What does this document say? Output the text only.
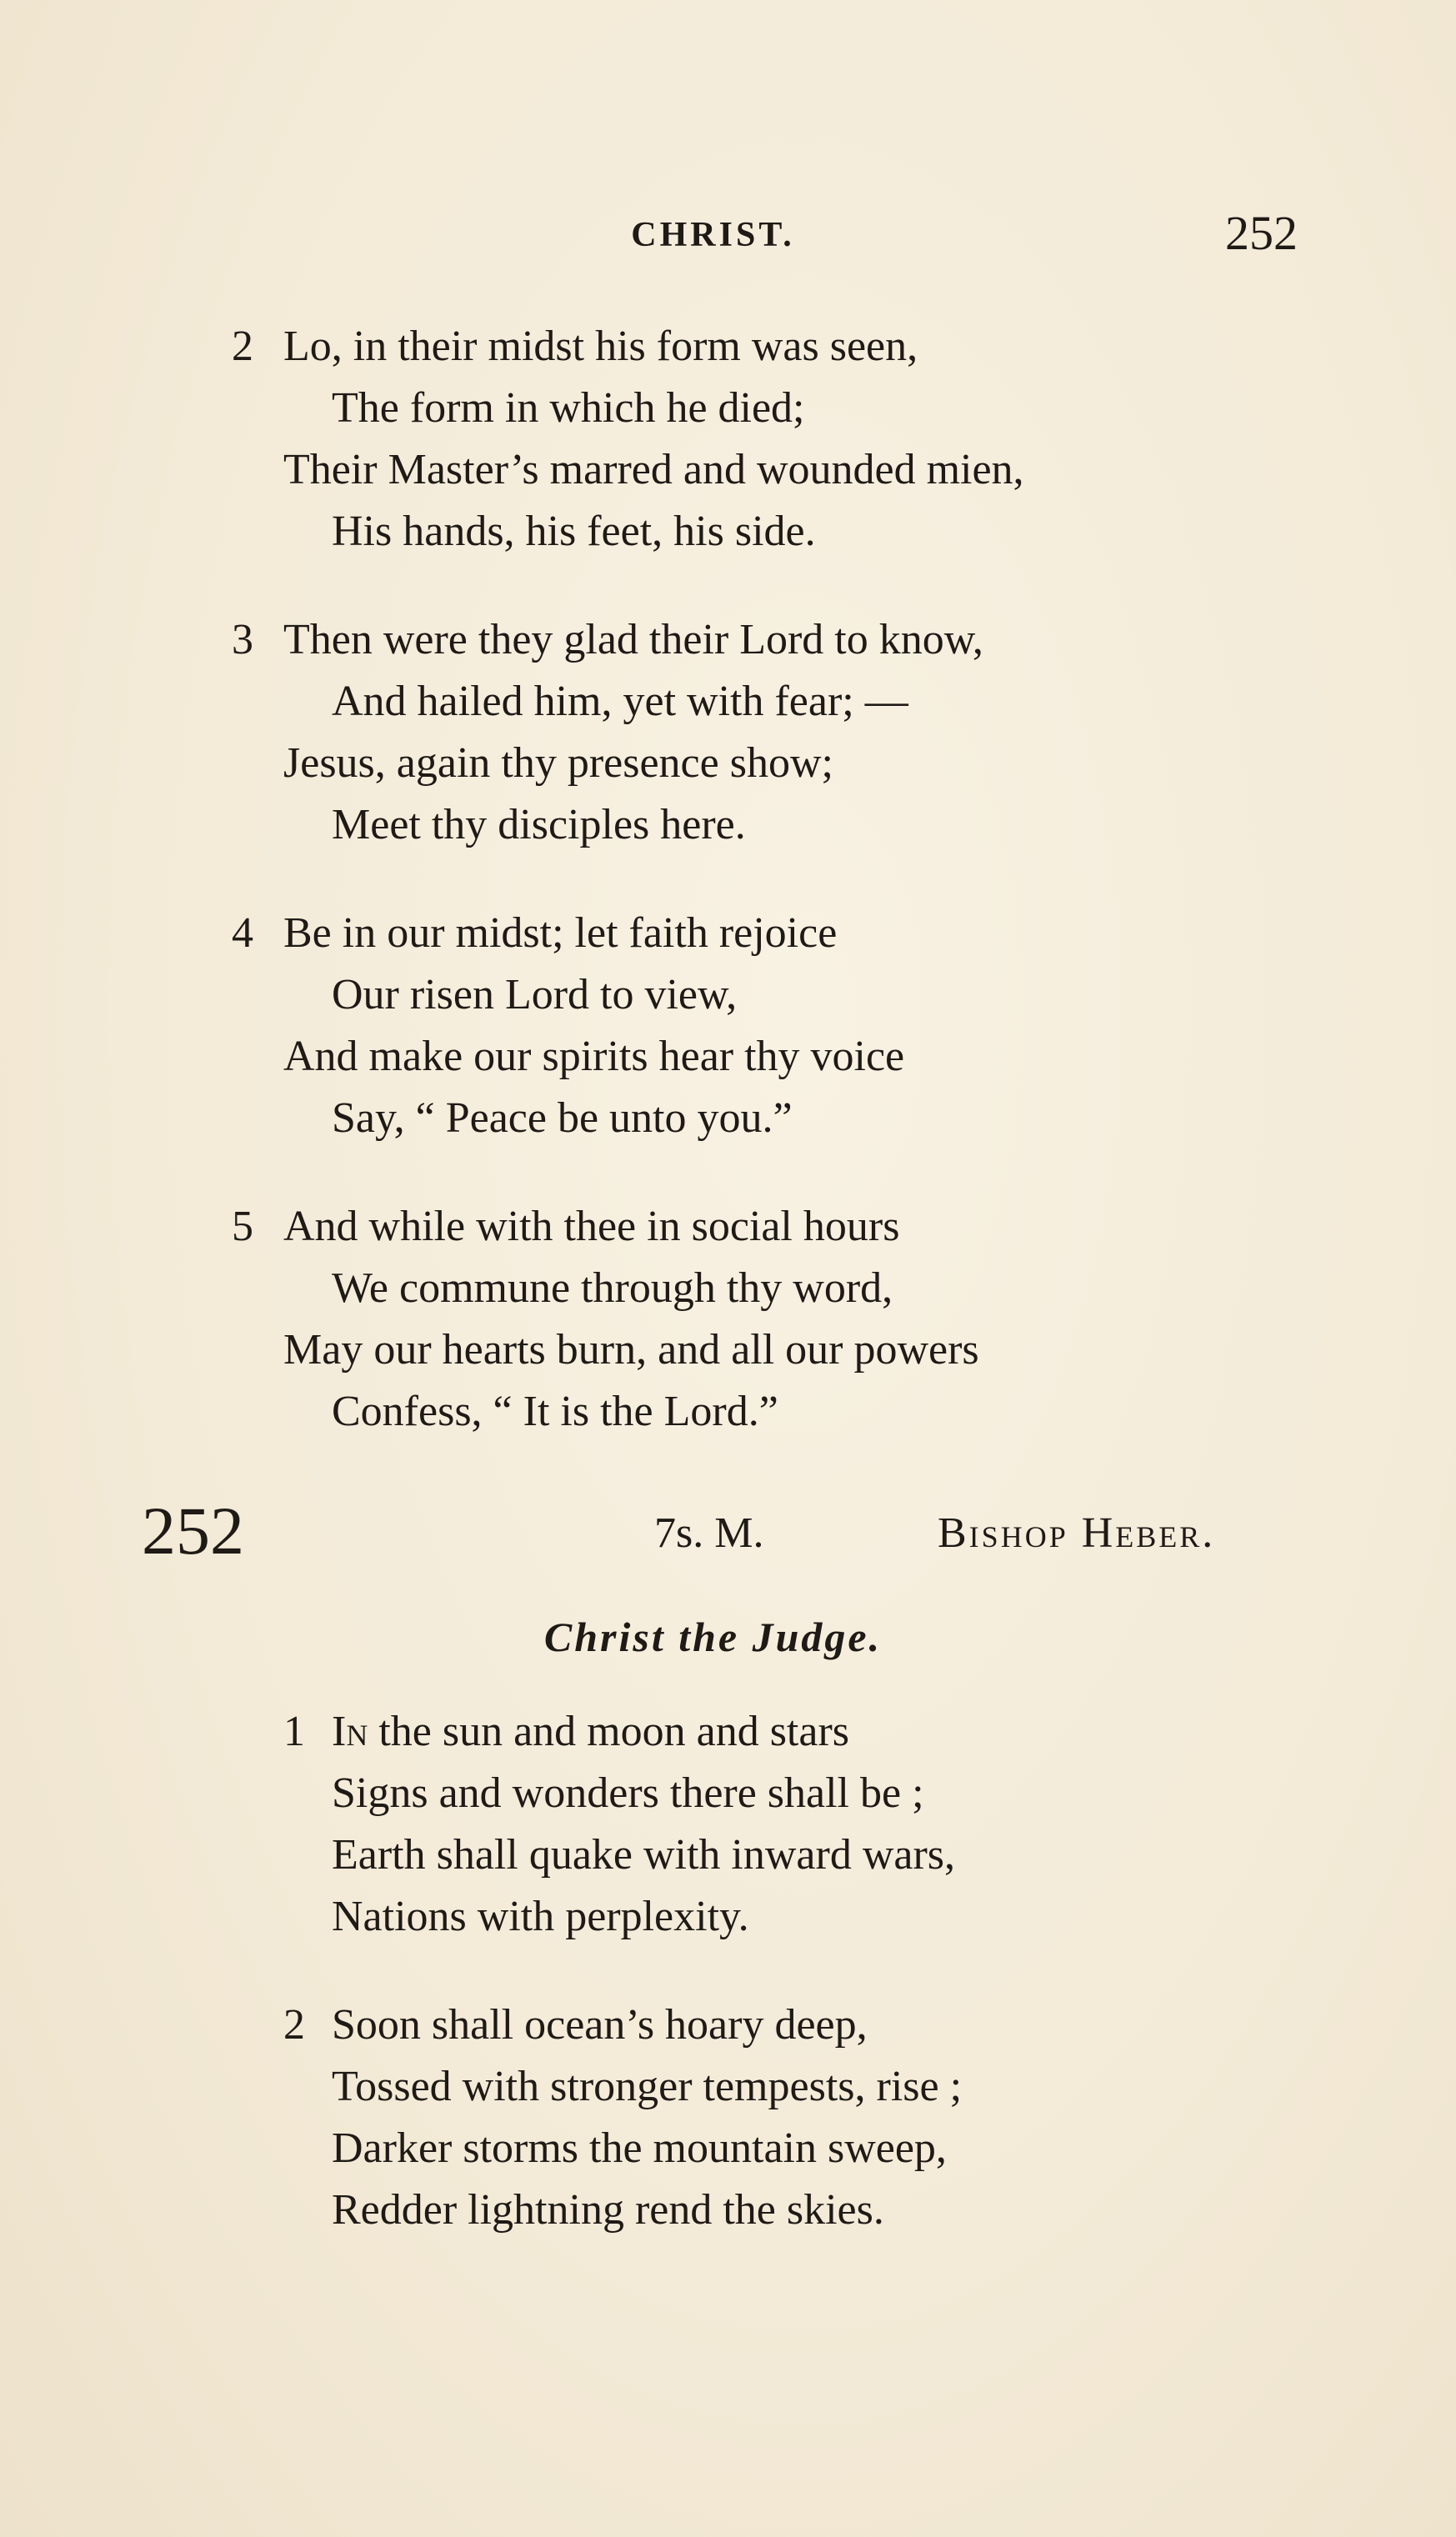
CHRIST.	252
2 Lo, in their midst his form was seen,
The form in which he died;
Their Master’s marred and wounded mien,
His hands, his feet, his side.
3 Then were they glad their Lord to know,
And hailed him, yet with fear; —
Jesus, again thy presence show;
Meet thy disciples here.
4 Be in our midst; let faith rejoice
Our risen Lord to view,
And make our spirits hear thy voice
Say, “ Peace be unto you.”
5 And while with thee in social hours
We commune through thy word,
May our hearts burn, and all our powers
Confess, “ It is the Lord.”
252	7s. M.	Bishop Heber.
Christ the Judge.
1 In the sun and moon and stars
Signs and wonders there shall be ;
Earth shall quake with inward wars,
Nations with perplexity.
2 Soon shall ocean’s hoary deep,
Tossed with stronger tempests, rise ;
Darker storms the mountain sweep,
Redder lightning rend the skies.
